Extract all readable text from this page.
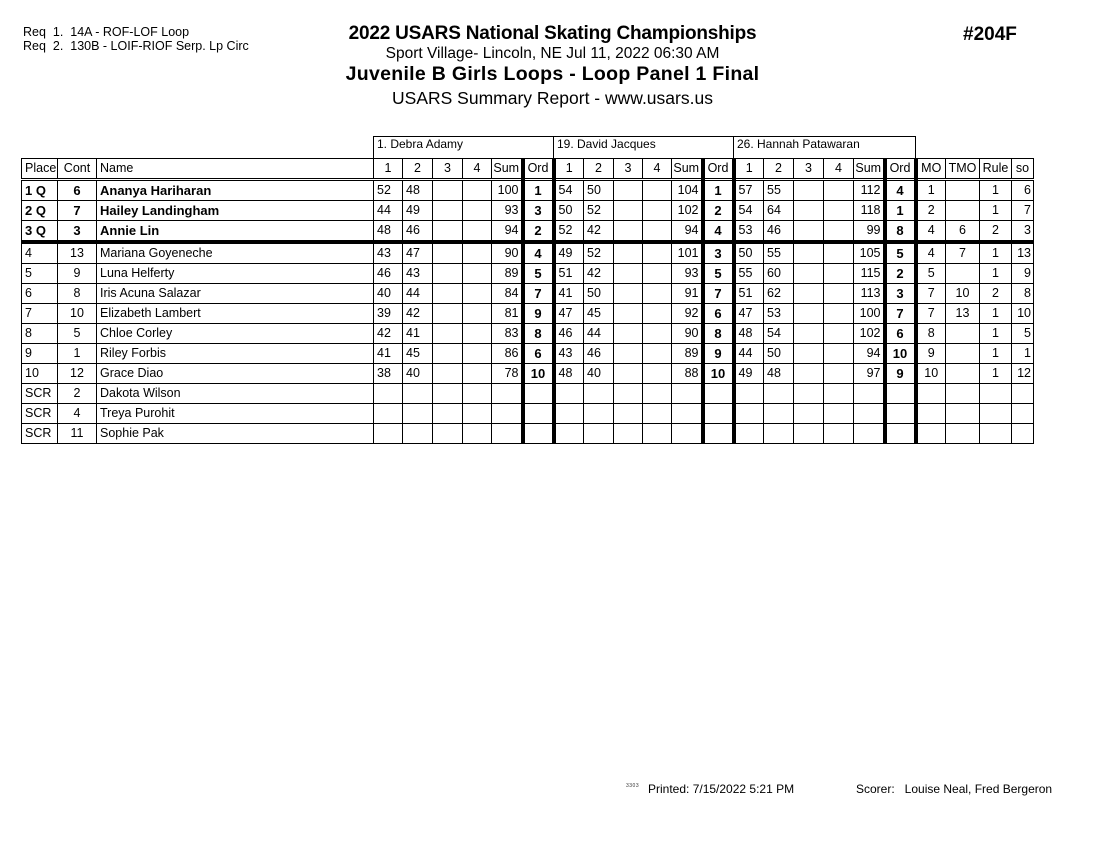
Req  1.  14A - ROF-LOF Loop
Req  2.  130B - LOIF-RIOF Serp. Lp Circ
2022 USARS National Skating Championships
Sport Village- Lincoln, NE Jul 11, 2022 06:30 AM
Juvenile B Girls Loops - Loop Panel 1 Final
USARS Summary Report - www.usars.us
#204F
			1. Debra Adamy						19. David Jacques						26. Hannah Patawaran									
Place	Cont	Name	1	2	3	4	Sum	Ord	1	2	3	4	Sum	Ord	1	2	3	4	Sum	Ord	MO	TMO	Rule	so
1 Q	6	Ananya Hariharan	52	48			100	1	54	50			104	1	57	55			112	4	1		1	6
2 Q	7	Hailey Landingham	44	49			93	3	50	52			102	2	54	64			118	1	2		1	7
3 Q	3	Annie Lin	48	46			94	2	52	42			94	4	53	46			99	8	4	6	2	3
4	13	Mariana Goyeneche	43	47			90	4	49	52			101	3	50	55			105	5	4	7	1	13
5	9	Luna Helferty	46	43			89	5	51	42			93	5	55	60			115	2	5		1	9
6	8	Iris Acuna Salazar	40	44			84	7	41	50			91	7	51	62			113	3	7	10	2	8
7	10	Elizabeth Lambert	39	42			81	9	47	45			92	6	47	53			100	7	7	13	1	10
8	5	Chloe Corley	42	41			83	8	46	44			90	8	48	54			102	6	8		1	5
9	1	Riley Forbis	41	45			86	6	43	46			89	9	44	50			94	10	9		1	1
10	12	Grace Diao	38	40			78	10	48	40			88	10	49	48			97	9	10		1	12
SCR	2	Dakota Wilson																						
SCR	4	Treya Purohit																						
SCR	11	Sophie Pak																						
3303 Printed: 7/15/2022 5:21 PM	Scorer:   Louise Neal, Fred Bergeron
